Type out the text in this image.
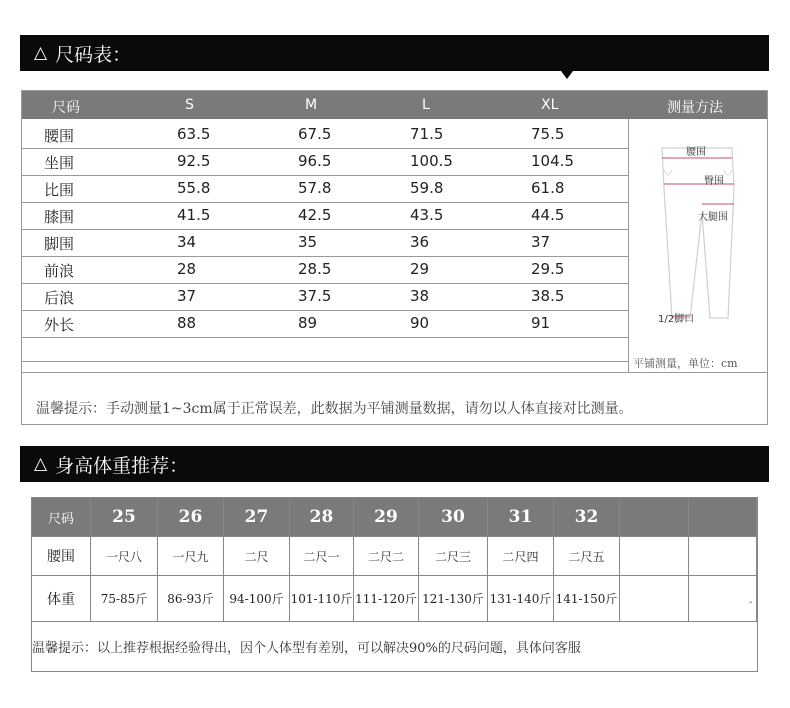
△ 尺码表：
尺码	S	M	L	XL	测量方法
腰围	63.5	67.5	71.5	75.5
坐围	92.5	96.5	100.5	104.5
比围	55.8	57.8	59.8	61.8
膝围	41.5	42.5	43.5	44.5
脚围	34	35	36	37
前浪	28	28.5	29	29.5
后浪	37	37.5	38	38.5
外长	88	89	90	91
温馨提示：手动测量1~3cm属于正常误差，此数据为平铺测量数据，请勿以人体直接对比测量。
腰围
臀围
大腿围
1/2脚口
平铺测量，单位：cm
△ 身高体重推荐：
尺码	25	26	27	28	29	30	31	32
腰围	一尺八	一尺九	二尺	二尺一	二尺二	二尺三	二尺四	二尺五
体重	75-85斤	86-93斤	94-100斤 101-110斤 111-120斤 121-130斤 131-140斤 141-150斤
温馨提示：以上推荐根据经验得出，因个人体型有差别，可以解决90%的尺码问题，具体问客服
-
